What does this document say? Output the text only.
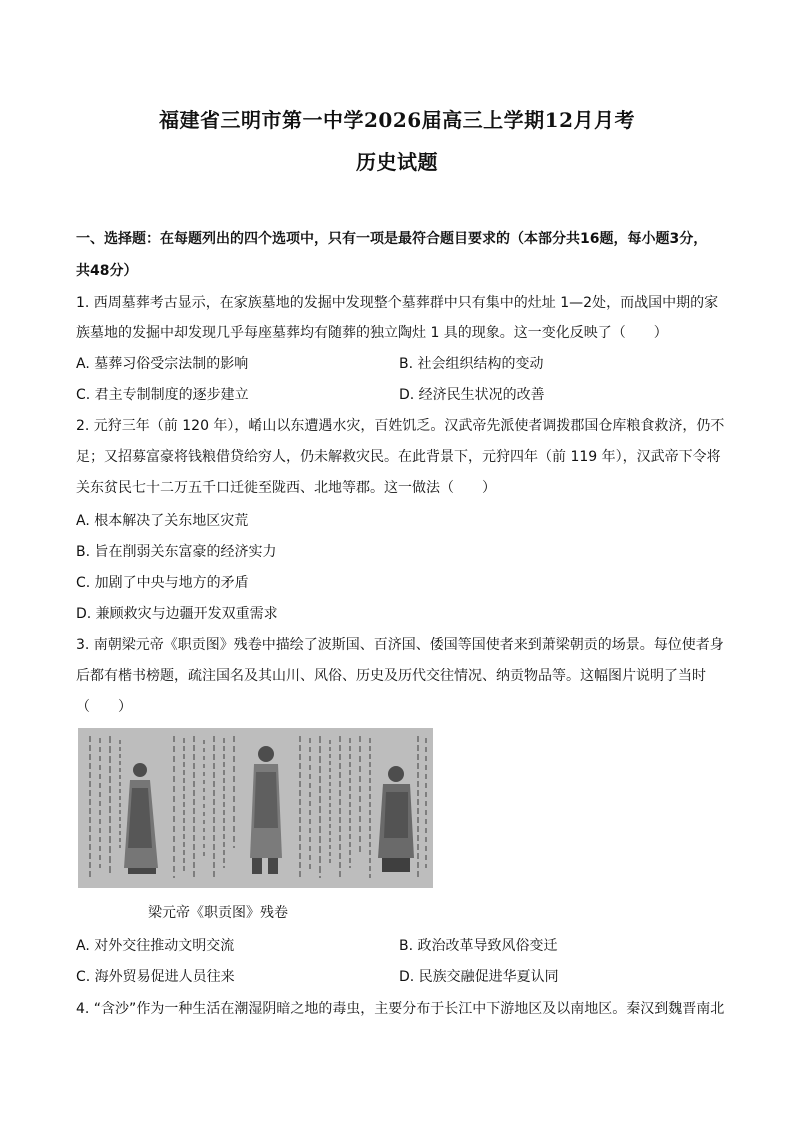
福建省三明市第一中学2026届高三上学期12月月考
历史试题
一、选择题：在每题列出的四个选项中，只有一项是最符合题目要求的（本部分共16题，每小题3分，
共48分）
1. 西周墓葬考古显示，在家族墓地的发掘中发现整个墓葬群中只有集中的灶址 1—2处，而战国中期的家
族墓地的发掘中却发现几乎每座墓葬均有随葬的独立陶灶 1 具的现象。这一变化反映了（　　）
A. 墓葬习俗受宗法制的影响	B. 社会组织结构的变动
C. 君主专制制度的逐步建立	D. 经济民生状况的改善
2. 元狩三年（前 120 年），崤山以东遭遇水灾，百姓饥乏。汉武帝先派使者调拨郡国仓库粮食救济，仍不
足；又招募富豪将钱粮借贷给穷人，仍未解救灾民。在此背景下，元狩四年（前 119 年），汉武帝下令将
关东贫民七十二万五千口迁徙至陇西、北地等郡。这一做法（　　）
A. 根本解决了关东地区灾荒
B. 旨在削弱关东富豪的经济实力
C. 加剧了中央与地方的矛盾
D. 兼顾救灾与边疆开发双重需求
3. 南朝梁元帝《职贡图》残卷中描绘了波斯国、百济国、倭国等国使者来到萧梁朝贡的场景。每位使者身
后都有楷书榜题，疏注国名及其山川、风俗、历史及历代交往情况、纳贡物品等。这幅图片说明了当时
（　　）
梁元帝《职贡图》残卷
A. 对外交往推动文明交流	B. 政治改革导致风俗变迁
C. 海外贸易促进人员往来	D. 民族交融促进华夏认同
4. “含沙”作为一种生活在潮湿阴暗之地的毒虫，主要分布于长江中下游地区及以南地区。秦汉到魏晋南北
